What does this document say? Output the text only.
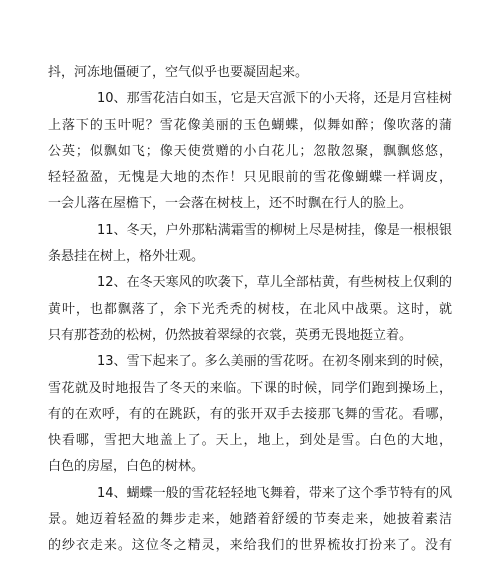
抖，河冻地僵硬了，空气似乎也要凝固起来。
10、那雪花洁白如玉，它是天宫派下的小天将，还是月宫桂树
上落下的玉叶呢？雪花像美丽的玉色蝴蝶，似舞如醉；像吹落的蒲
公英；似飘如飞；像天使赏赠的小白花儿；忽散忽聚，飘飘悠悠，
轻轻盈盈，无愧是大地的杰作！只见眼前的雪花像蝴蝶一样调皮，
一会儿落在屋檐下，一会落在树枝上，还不时飘在行人的脸上。
11、冬天，户外那粘满霜雪的柳树上尽是树挂，像是一根根银
条悬挂在树上，格外壮观。
12、在冬天寒风的吹袭下，草儿全部枯黄，有些树枝上仅剩的
黄叶，也都飘落了，余下光秃秃的树枝，在北风中战栗。这时，就
只有那苍劲的松树，仍然披着翠绿的衣裳，英勇无畏地挺立着。
13、雪下起来了。多么美丽的雪花呀。在初冬刚来到的时候，
雪花就及时地报告了冬天的来临。下课的时候，同学们跑到操场上，
有的在欢呼，有的在跳跃，有的张开双手去接那飞舞的雪花。看哪，
快看哪，雪把大地盖上了。天上，地上，到处是雪。白色的大地，
白色的房屋，白色的树林。
14、蝴蝶一般的雪花轻轻地飞舞着，带来了这个季节特有的风
景。她迈着轻盈的舞步走来，她踏着舒缓的节奏走来，她披着素洁
的纱衣走来。这位冬之精灵，来给我们的世界梳妆打扮来了。没有
